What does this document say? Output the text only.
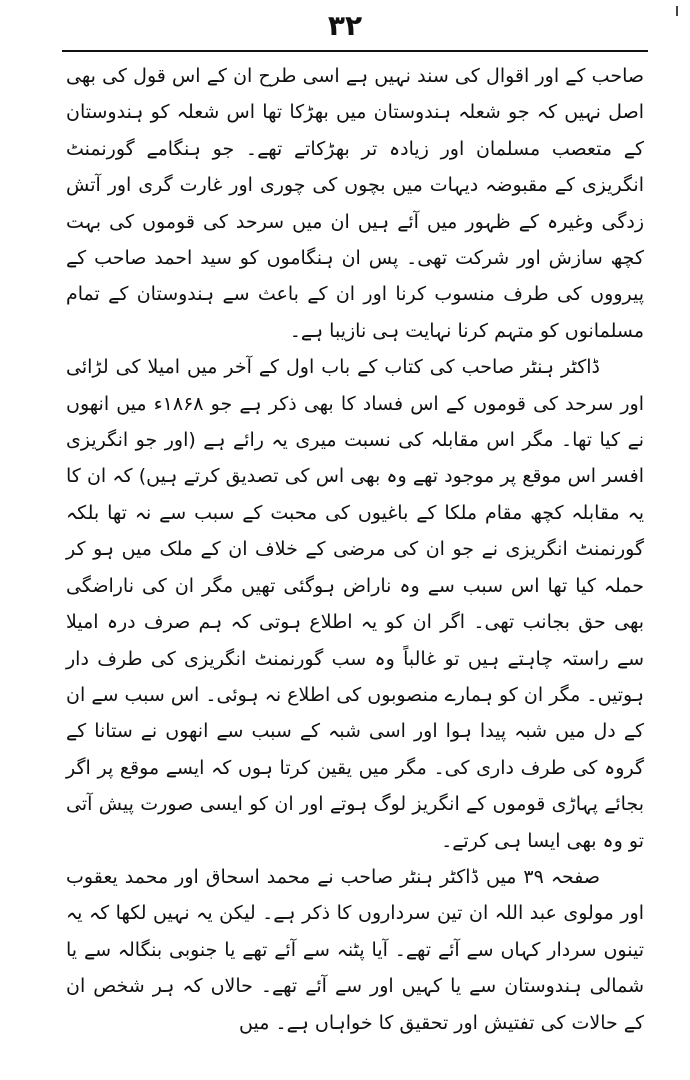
۳۲

صاحب کے اور اقوال کی سند نہیں ہے اسی طرح ان کے اس قول کی بھی اصل نہیں کہ جو شعلہ ہندوستان میں بھڑکا تھا اس شعلہ کو ہندوستان کے متعصب مسلمان اور زیادہ تر بھڑکاتے تھے۔ جو ہنگامے گورنمنٹ انگریزی کے مقبوضہ دیہات میں بچوں کی چوری اور غارت گری اور آتش زدگی وغیرہ کے ظہور میں آئے ہیں ان میں سرحد کی قوموں کی بہت کچھ سازش اور شرکت تھی۔ پس ان ہنگاموں کو سید احمد صاحب کے پیرووں کی طرف منسوب کرنا اور ان کے باعث سے ہندوستان کے تمام مسلمانوں کو متہم کرنا نہایت ہی نازیبا ہے۔

ڈاکٹر ہنٹر صاحب کی کتاب کے باب اول کے آخر میں امیلا کی لڑائی اور سرحد کی قوموں کے اس فساد کا بھی ذکر ہے جو ۱۸۶۸ء میں انھوں نے کیا تھا۔ مگر اس مقابلہ کی نسبت میری یہ رائے ہے (اور جو انگریزی افسر اس موقع پر موجود تھے وہ بھی اس کی تصدیق کرتے ہیں) کہ ان کا یہ مقابلہ کچھ مقام ملکا کے باغیوں کی محبت کے سبب سے نہ تھا بلکہ گورنمنٹ انگریزی نے جو ان کی مرضی کے خلاف ان کے ملک میں ہو کر حملہ کیا تھا اس سبب سے وہ ناراض ہوگئی تھیں مگر ان کی ناراضگی بھی حق بجانب تھی۔ اگر ان کو یہ اطلاع ہوتی کہ ہم صرف درہ امیلا سے راستہ چاہتے ہیں تو غالباً وہ سب گورنمنٹ انگریزی کی طرف دار ہوتیں۔ مگر ان کو ہمارے منصوبوں کی اطلاع نہ ہوئی۔ اس سبب سے ان کے دل میں شبہ پیدا ہوا اور اسی شبہ کے سبب سے انھوں نے ستانا کے گروہ کی طرف داری کی۔ مگر میں یقین کرتا ہوں کہ ایسے موقع پر اگر بجائے پہاڑی قوموں کے انگریز لوگ ہوتے اور ان کو ایسی صورت پیش آتی تو وہ بھی ایسا ہی کرتے۔

صفحہ ۳۹ میں ڈاکٹر ہنٹر صاحب نے محمد اسحاق اور محمد یعقوب اور مولوی عبد اللہ ان تین سرداروں کا ذکر ہے۔ لیکن یہ نہیں لکھا کہ یہ تینوں سردار کہاں سے آئے تھے۔ آیا پٹنہ سے آئے تھے یا جنوبی بنگالہ سے یا شمالی ہندوستان سے یا کہیں اور سے آئے تھے۔ حالاں کہ ہر شخص ان کے حالات کی تفتیش اور تحقیق کا خواہاں ہے۔ میں
